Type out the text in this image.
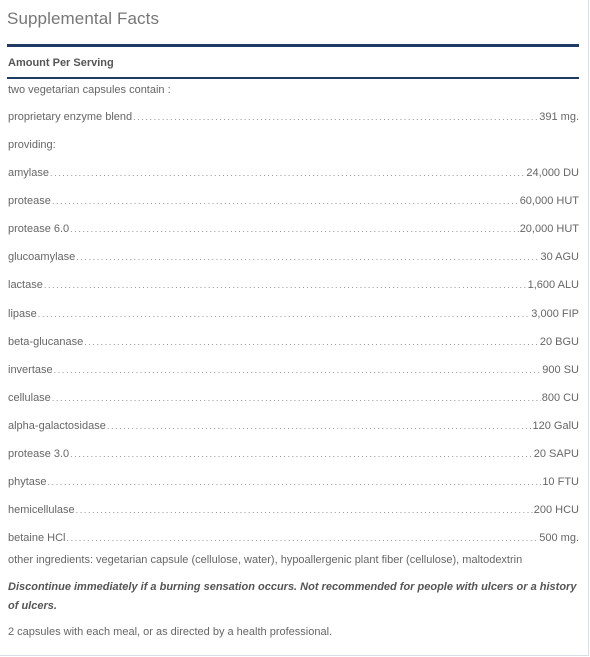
Supplemental Facts
Amount Per Serving
two vegetarian capsules contain :
proprietary enzyme blend .....	391 mg.
providing:
amylase .....	24,000 DU
protease .....	60,000 HUT
protease 6.0 .....	20,000 HUT
glucoamylase .....	30 AGU
lactase .....	1,600 ALU
lipase .....	3,000 FIP
beta-glucanase .....	20 BGU
invertase .....	900 SU
cellulase .....	800 CU
alpha-galactosidase .....	120 GalU
protease 3.0 .....	20 SAPU
phytase .....	10 FTU
hemicellulase .....	200 HCU
betaine HCl .....	500 mg.
other ingredients: vegetarian capsule (cellulose, water), hypoallergenic plant fiber (cellulose), maltodextrin
Discontinue immediately if a burning sensation occurs. Not recommended for people with ulcers or a history of ulcers.
2 capsules with each meal, or as directed by a health professional.
